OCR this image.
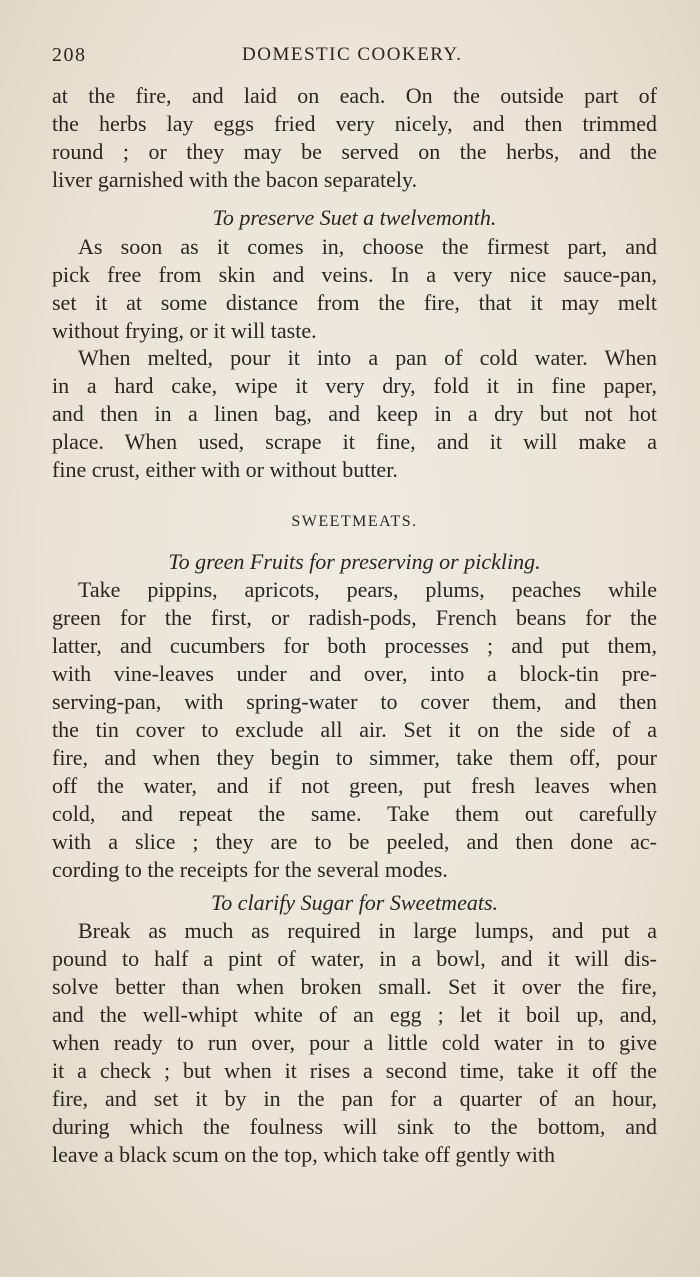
208	DOMESTIC COOKERY.
at the fire, and laid on each. On the outside part of
the herbs lay eggs fried very nicely, and then trimmed
round ; or they may be served on the herbs, and the
liver garnished with the bacon separately.
To preserve Suet a twelvemonth.
As soon as it comes in, choose the firmest part, and
pick free from skin and veins. In a very nice sauce-pan,
set it at some distance from the fire, that it may melt
without frying, or it will taste.
When melted, pour it into a pan of cold water. When
in a hard cake, wipe it very dry, fold it in fine paper,
and then in a linen bag, and keep in a dry but not hot
place. When used, scrape it fine, and it will make a
fine crust, either with or without butter.
SWEETMEATS.
To green Fruits for preserving or pickling.
Take pippins, apricots, pears, plums, peaches while
green for the first, or radish-pods, French beans for the
latter, and cucumbers for both processes ; and put them,
with vine-leaves under and over, into a block-tin pre-
serving-pan, with spring-water to cover them, and then
the tin cover to exclude all air. Set it on the side of a
fire, and when they begin to simmer, take them off, pour
off the water, and if not green, put fresh leaves when
cold, and repeat the same. Take them out carefully
with a slice ; they are to be peeled, and then done ac-
cording to the receipts for the several modes.
To clarify Sugar for Sweetmeats.
Break as much as required in large lumps, and put a
pound to half a pint of water, in a bowl, and it will dis-
solve better than when broken small. Set it over the fire,
and the well-whipt white of an egg ; let it boil up, and,
when ready to run over, pour a little cold water in to give
it a check ; but when it rises a second time, take it off the
fire, and set it by in the pan for a quarter of an hour,
during which the foulness will sink to the bottom, and
leave a black scum on the top, which take off gently with
